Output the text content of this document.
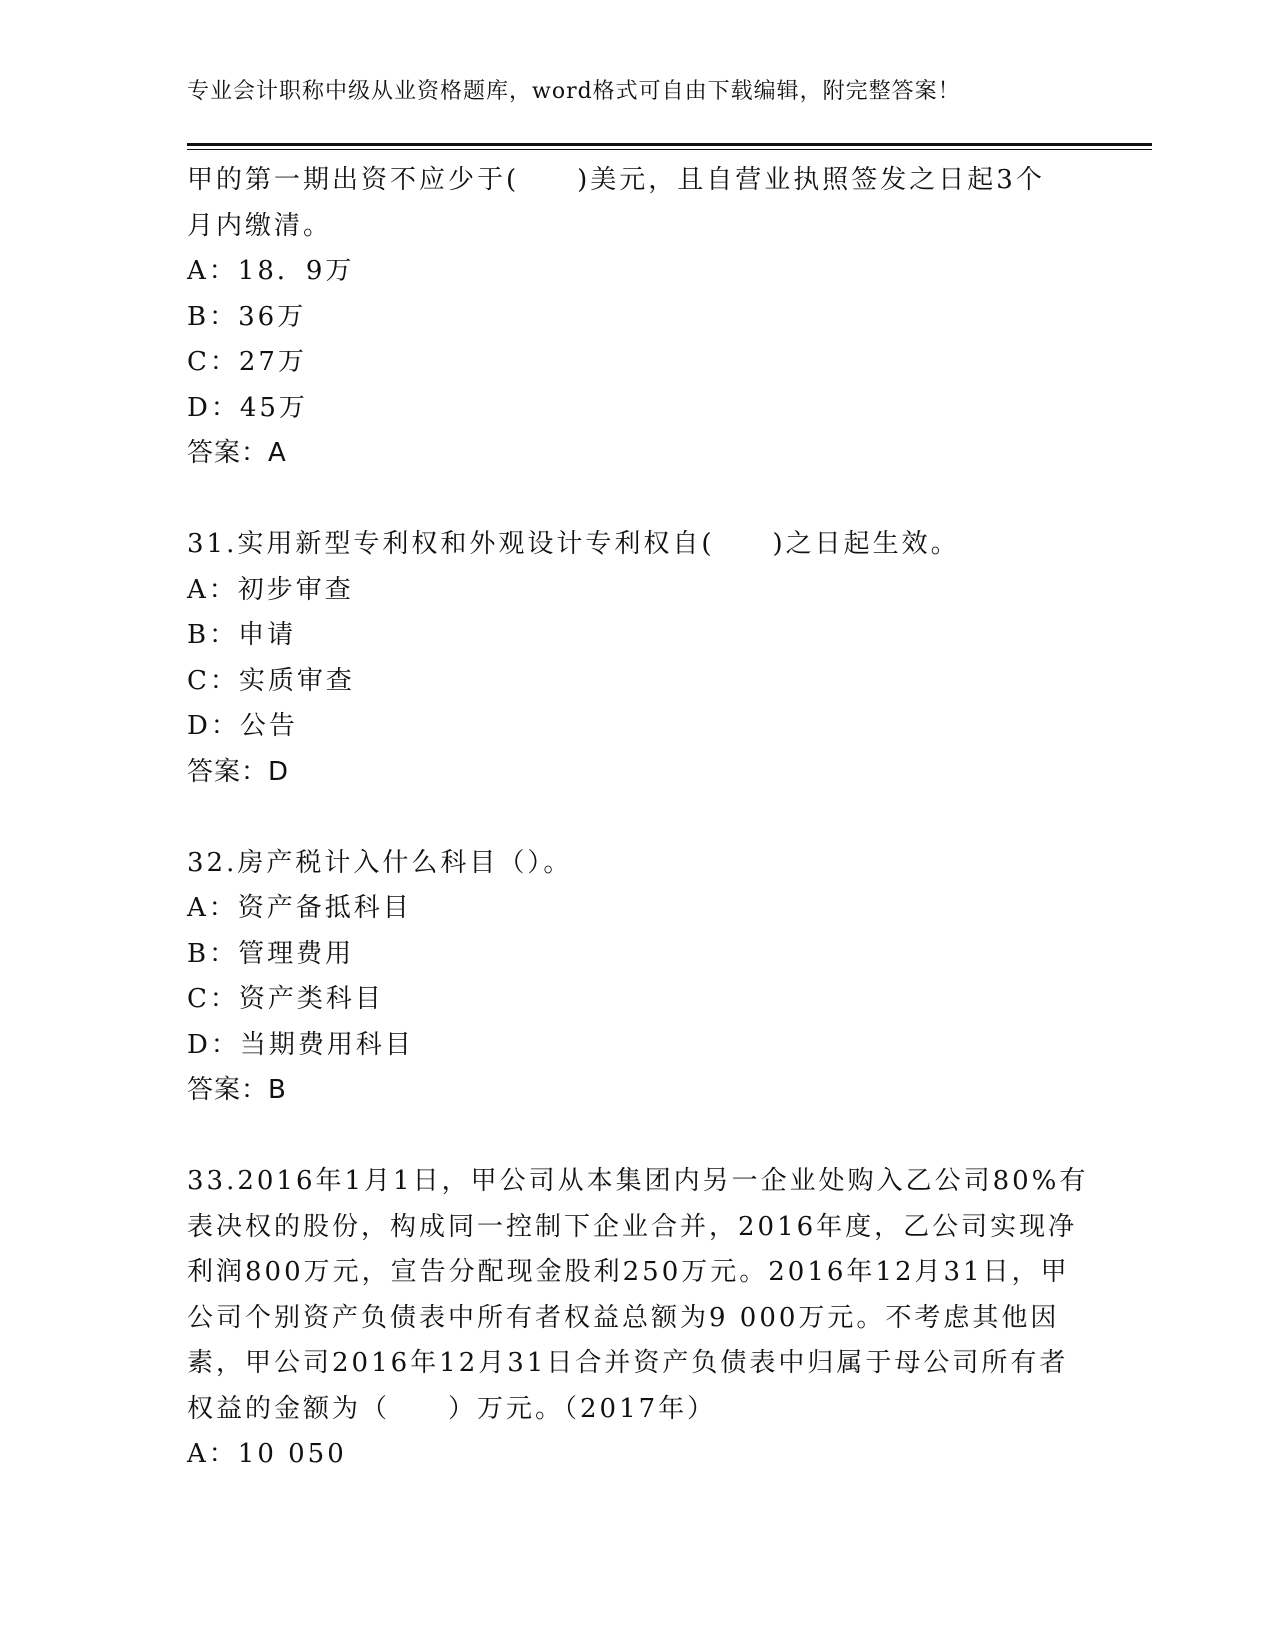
专业会计职称中级从业资格题库，word格式可自由下载编辑，附完整答案！
甲的第一期出资不应少于(　　)美元，且自营业执照签发之日起3个
月内缴清。
A：18．9万
B：36万
C：27万
D：45万
答案：A
31.实用新型专利权和外观设计专利权自(　　)之日起生效。
A：初步审查
B：申请
C：实质审查
D：公告
答案：D
32.房产税计入什么科目（）。
A：资产备抵科目
B：管理费用
C：资产类科目
D：当期费用科目
答案：B
33.2016年1月1日，甲公司从本集团内另一企业处购入乙公司80%有
表决权的股份，构成同一控制下企业合并，2016年度，乙公司实现净
利润800万元，宣告分配现金股利250万元。2016年12月31日，甲
公司个别资产负债表中所有者权益总额为9 000万元。不考虑其他因
素，甲公司2016年12月31日合并资产负债表中归属于母公司所有者
权益的金额为（　　）万元。（2017年）
A：10 050
